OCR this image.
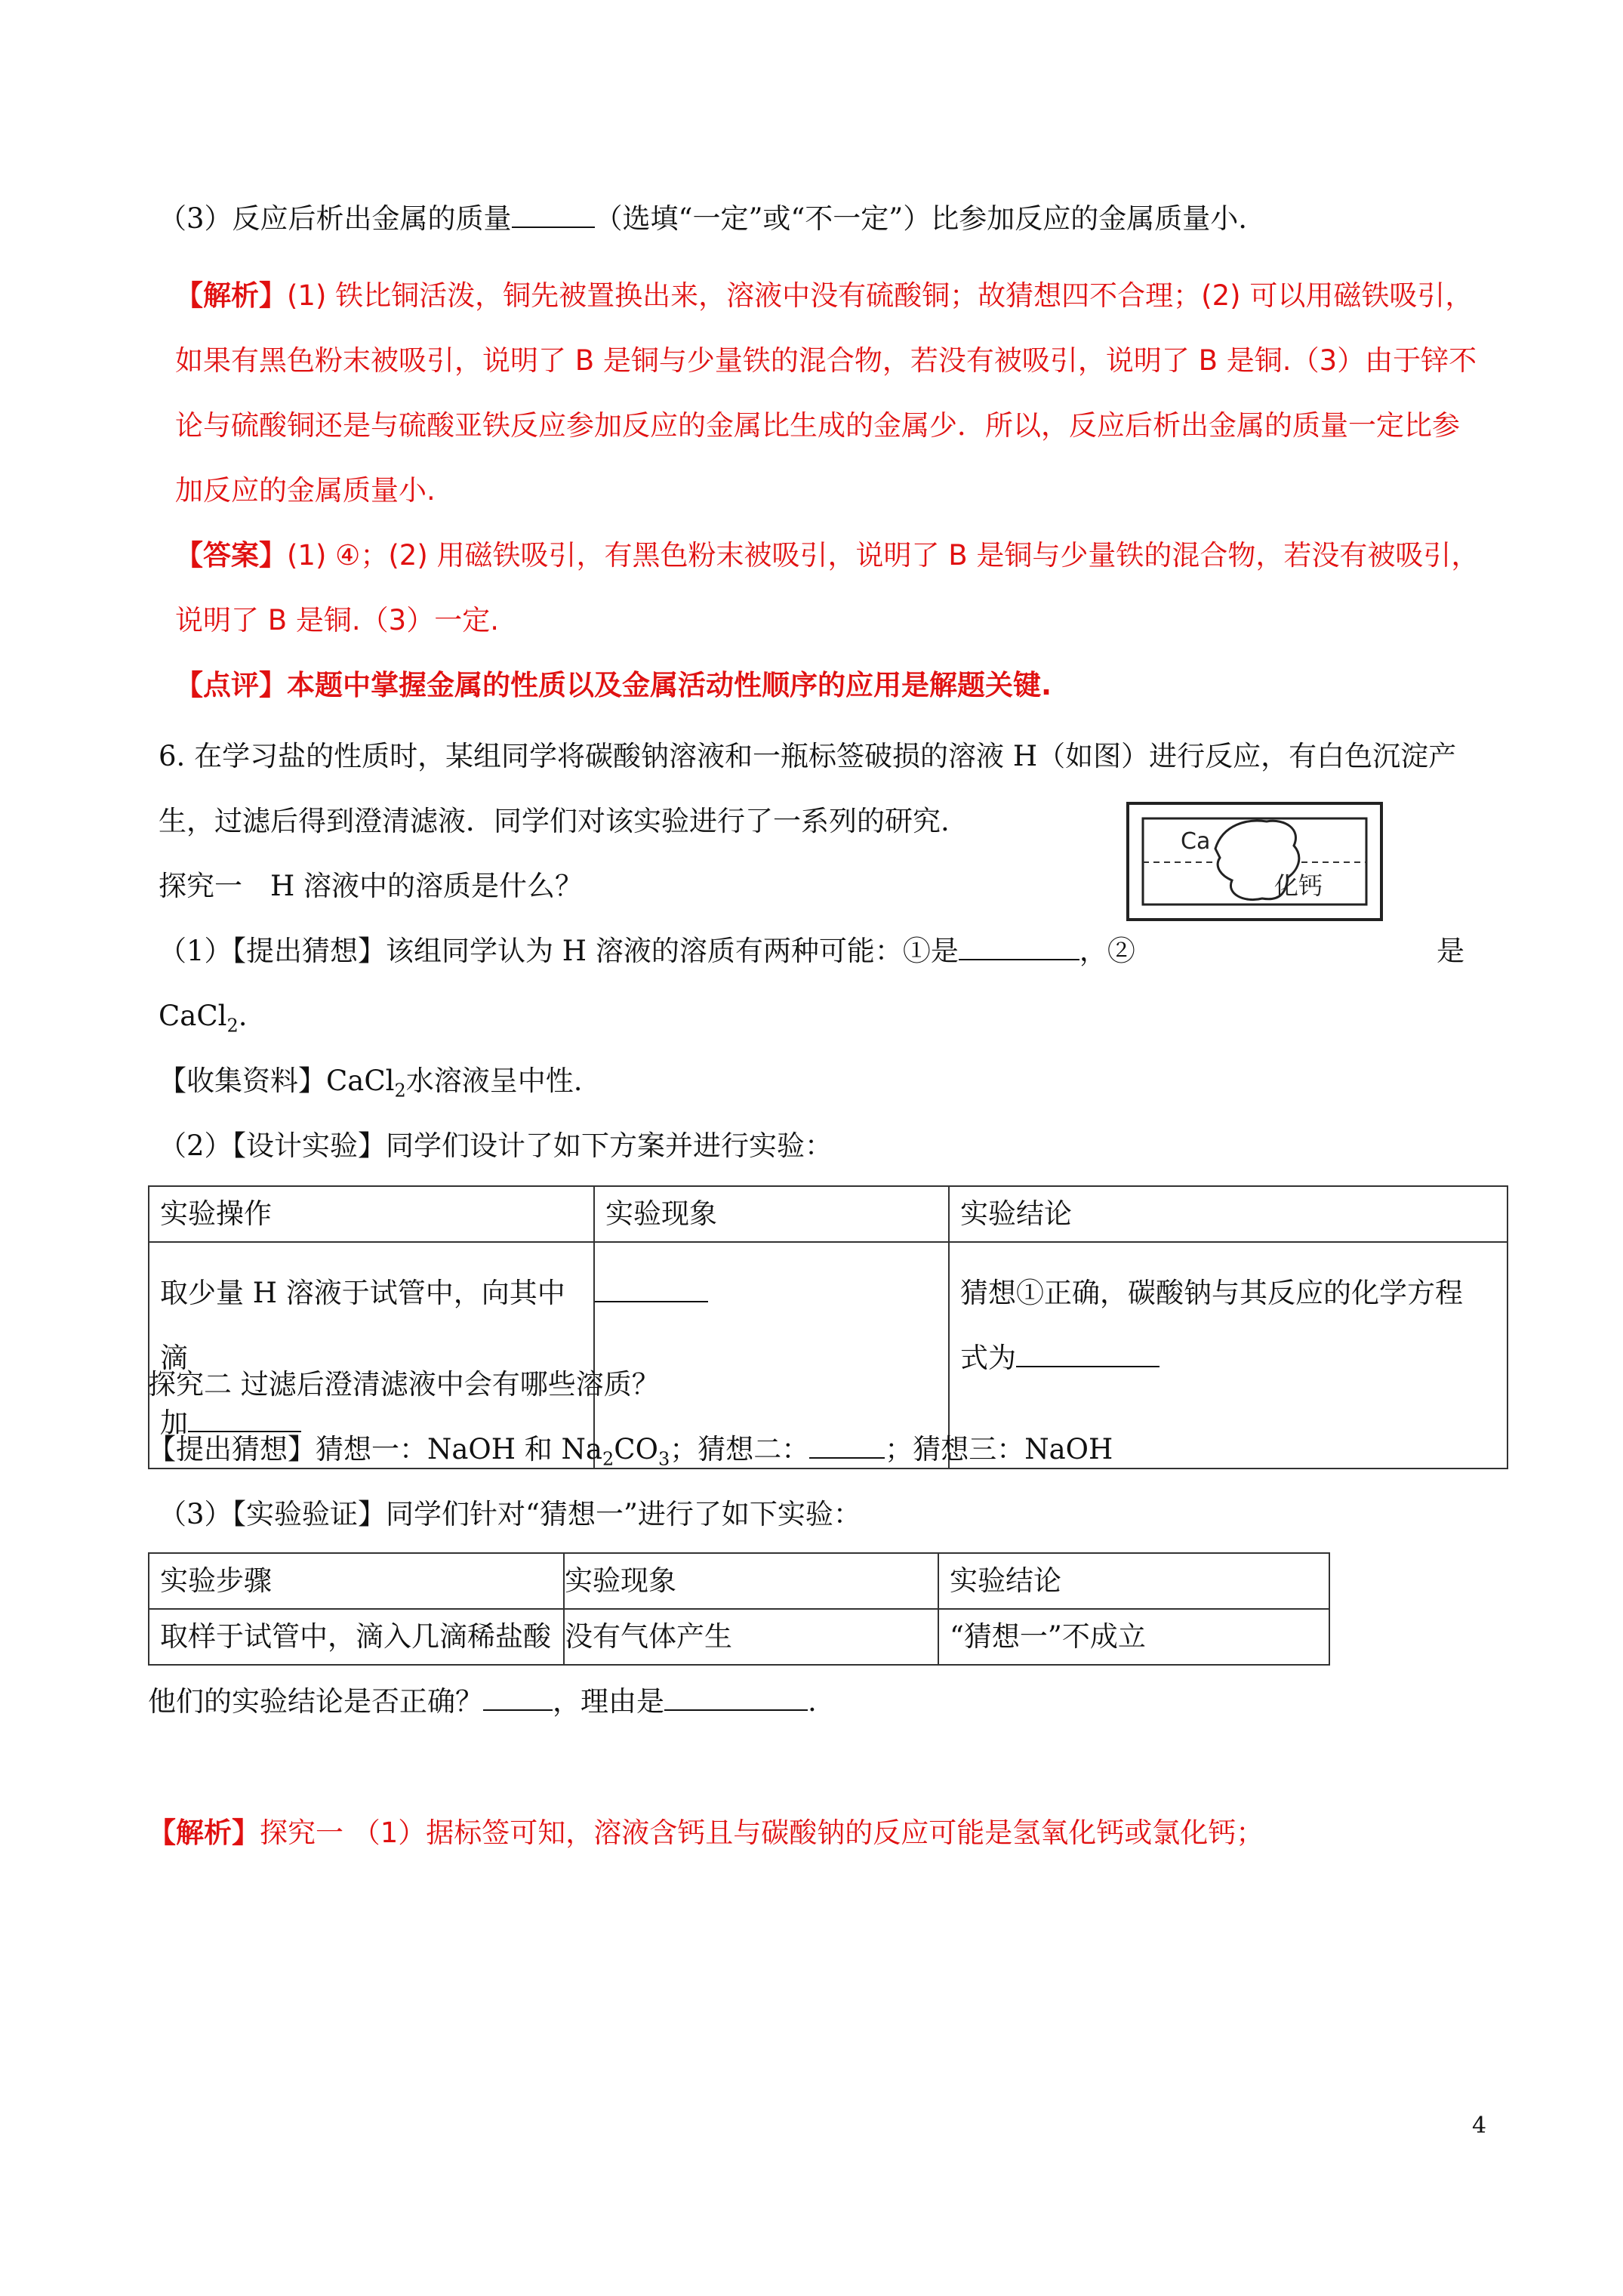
（3）反应后析出金属的质量	（选填“一定”或“不一定”）比参加反应的金属质量小.
【解析】(1) 铁比铜活泼，铜先被置换出来，溶液中没有硫酸铜；故猜想四不合理；(2) 可以用磁铁吸引，
如果有黑色粉末被吸引，说明了 B 是铜与少量铁的混合物，若没有被吸引，说明了 B 是铜.（3）由于锌不
论与硫酸铜还是与硫酸亚铁反应参加反应的金属比生成的金属少．所以，反应后析出金属的质量一定比参
加反应的金属质量小.
【答案】(1) ④；(2) 用磁铁吸引，有黑色粉末被吸引，说明了 B 是铜与少量铁的混合物，若没有被吸引，
说明了 B 是铜.（3）一定.
【点评】本题中掌握金属的性质以及金属活动性顺序的应用是解题关键.
6. 在学习盐的性质时，某组同学将碳酸钠溶液和一瓶标签破损的溶液 H（如图）进行反应，有白色沉淀产
生，过滤后得到澄清滤液．同学们对该实验进行了一系列的研究.
Ca
化钙
探究一　H 溶液中的溶质是什么？
（1）【提出猜想】该组同学认为 H 溶液的溶质有两种可能：①是	，②	是
CaCl$_2$.
【收集资料】CaCl$_2$水溶液呈中性.
（2）【设计实验】同学们设计了如下方案并进行实验：
实验操作	实验现象	实验结论

取少量 H 溶液于试管中，向其中滴
加		猜想①正确，碳酸钠与其反应的化学方程
式为
探究二 过滤后澄清滤液中会有哪些溶质？
【提出猜想】猜想一：NaOH 和 $Na_2CO_3$；猜想二：	；猜想三：NaOH
（3）【实验验证】同学们针对“猜想一”进行了如下实验：
实验步骤	实验现象	实验结论
取样于试管中，滴入几滴稀盐酸	没有气体产生	“猜想一”不成立
他们的实验结论是否正确？ ，理由是	.
【解析】探究一 （1）据标签可知，溶液含钙且与碳酸钠的反应可能是氢氧化钙或氯化钙；
4
